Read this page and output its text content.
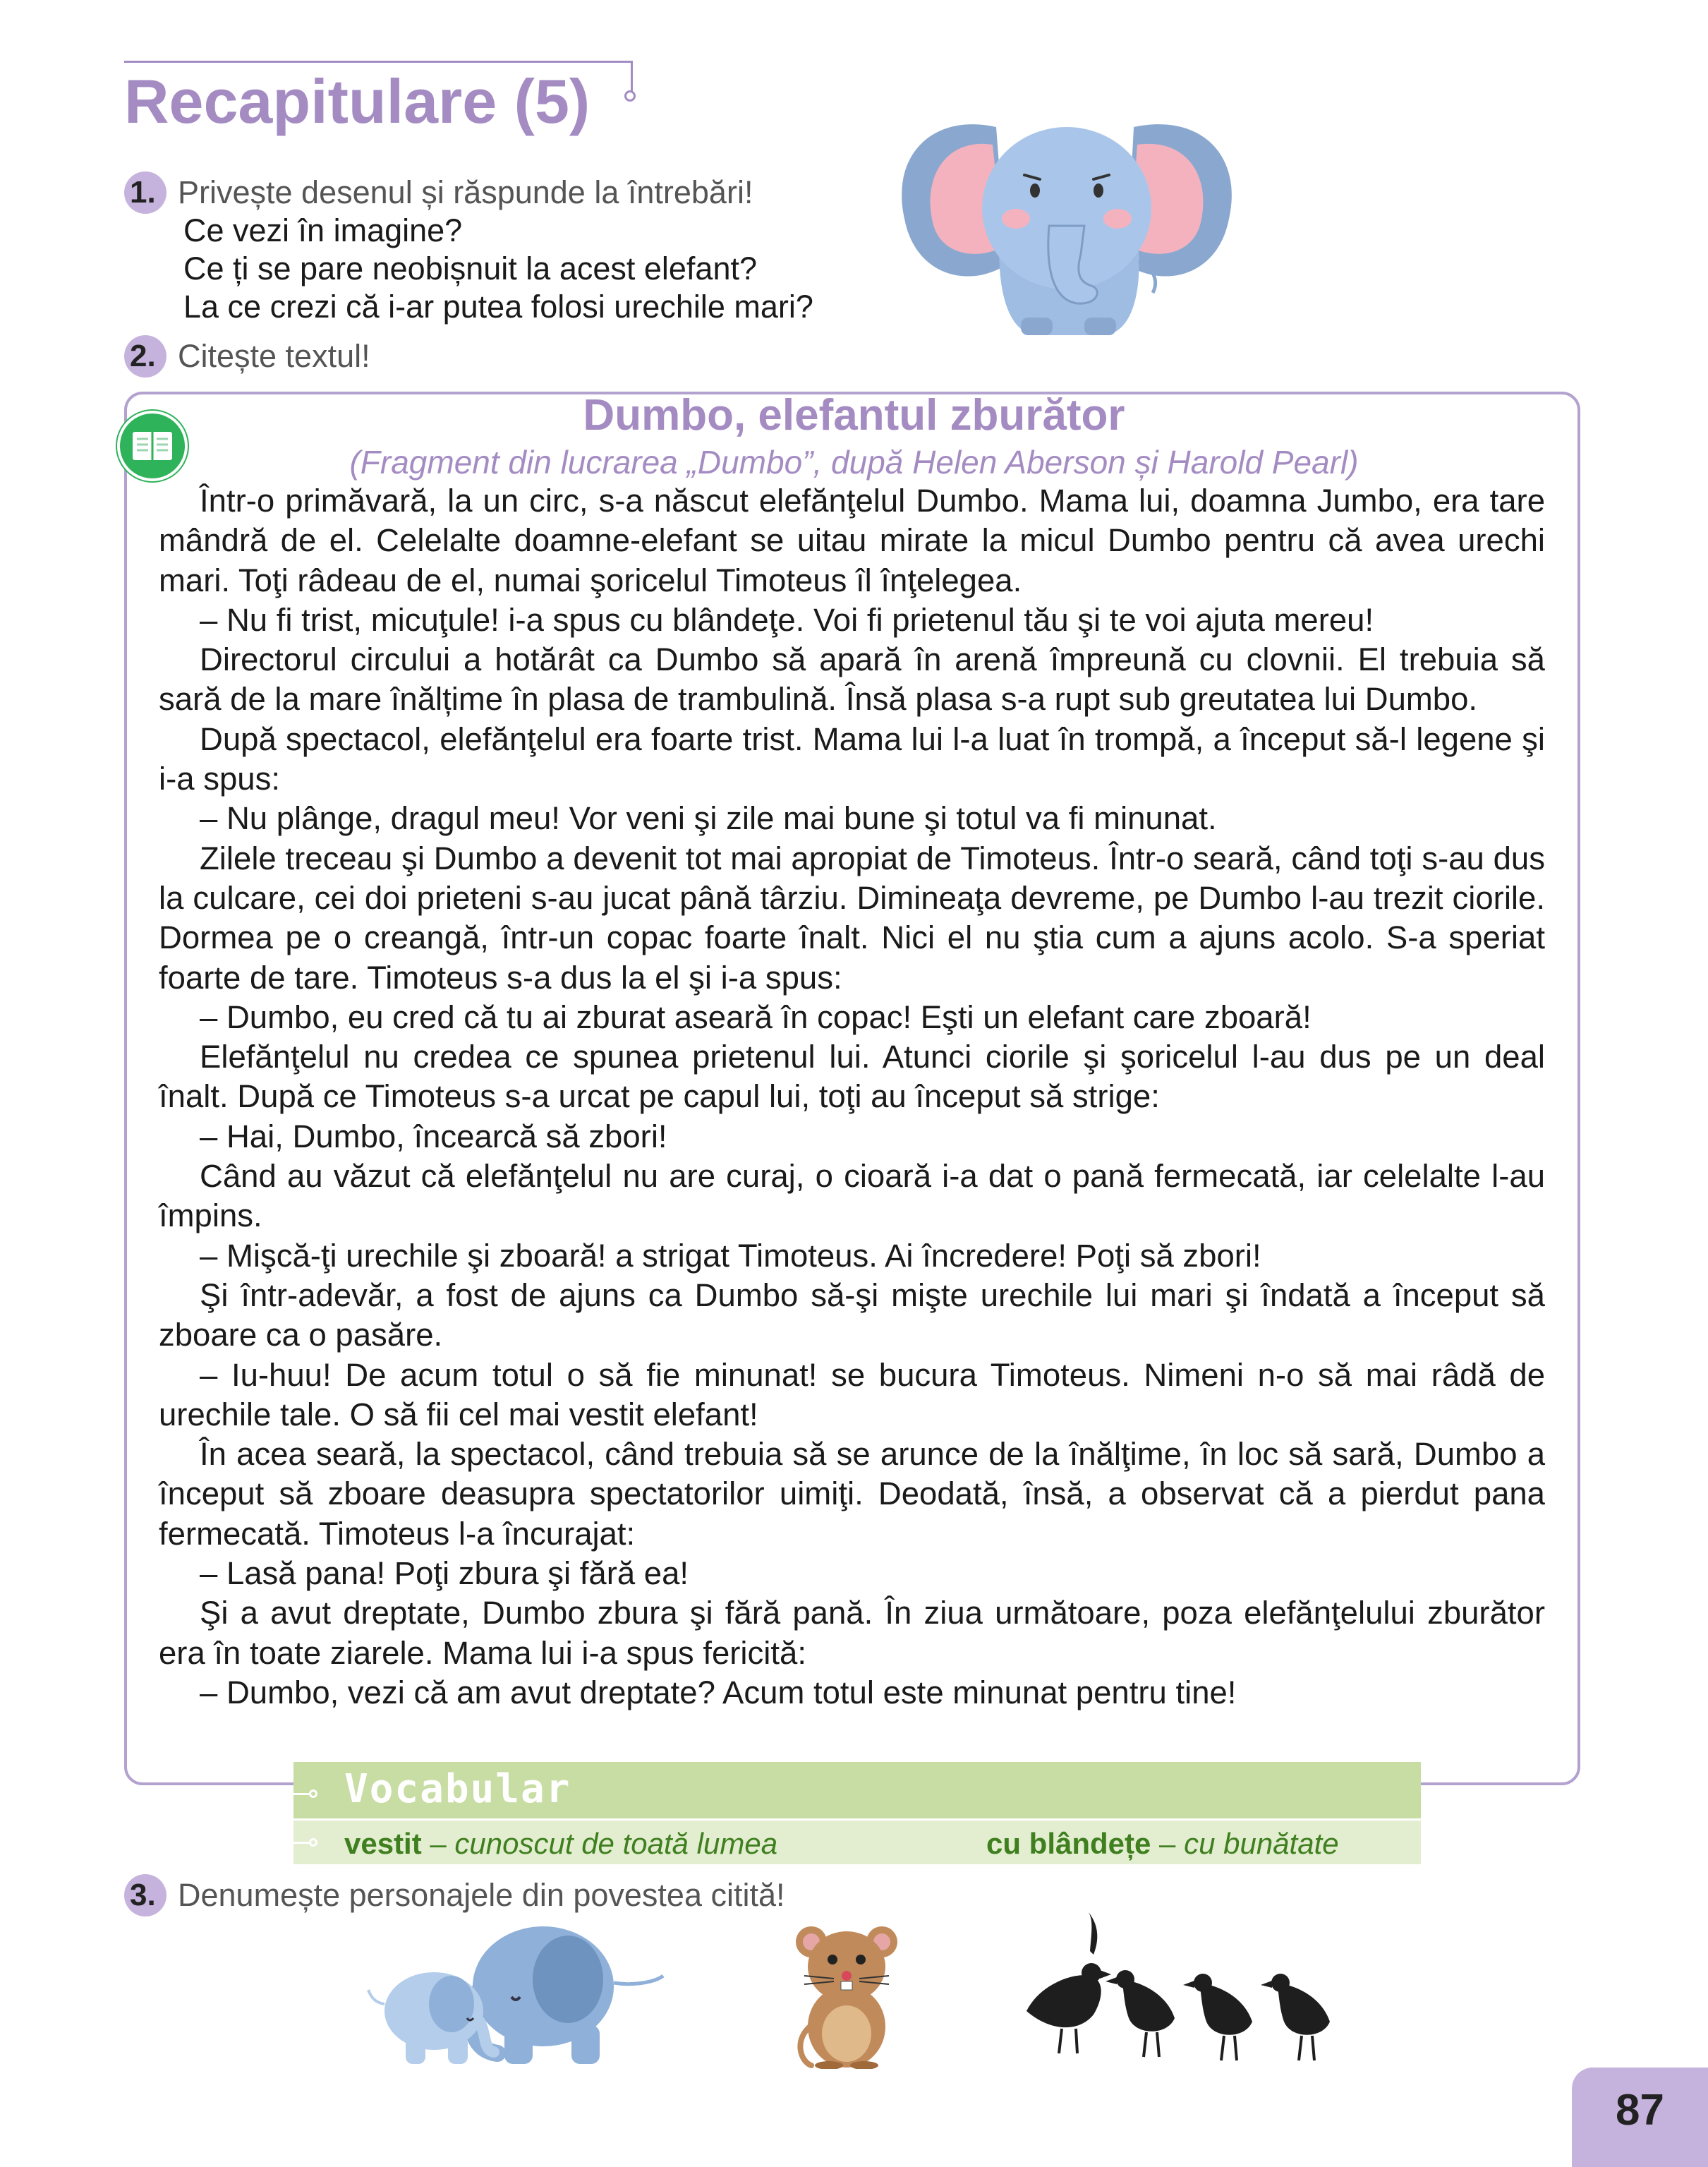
Recapitulare (5)
1. Privește desenul și răspunde la întrebări!
Ce vezi în imagine?
Ce ți se pare neobișnuit la acest elefant?
La ce crezi că i-ar putea folosi urechile mari?
2. Citește textul!
Dumbo, elefantul zburător
(Fragment din lucrarea „Dumbo”, după Helen Aberson și Harold Pearl)

Într-o primăvară, la un circ, s-a născut elefănţelul Dumbo. Mama lui, doamna Jumbo, era tare mândră de el. Celelalte doamne-elefant se uitau mirate la micul Dumbo pentru că avea urechi mari. Toţi râdeau de el, numai şoricelul Timoteus îl înţelegea.

– Nu fi trist, micuţule! i-a spus cu blândeţe. Voi fi prietenul tău şi te voi ajuta mereu!

Directorul circului a hotărât ca Dumbo să apară în arenă împreună cu clovnii. El trebuia să sară de la mare înălțime în plasa de trambulină. Însă plasa s-a rupt sub greutatea lui Dumbo.

După spectacol, elefănţelul era foarte trist. Mama lui l-a luat în trompă, a început să-l legene şi i-a spus:

– Nu plânge, dragul meu! Vor veni şi zile mai bune şi totul va fi minunat.

Zilele treceau şi Dumbo a devenit tot mai apropiat de Timoteus. Într-o seară, când toţi s-au dus la culcare, cei doi prieteni s-au jucat până târziu. Dimineaţa devreme, pe Dumbo l-au trezit ciorile. Dormea pe o creangă, într-un copac foarte înalt. Nici el nu ştia cum a ajuns acolo. S-a speriat foarte de tare. Timoteus s-a dus la el şi i-a spus:

– Dumbo, eu cred că tu ai zburat aseară în copac! Eşti un elefant care zboară!

Elefănţelul nu credea ce spunea prietenul lui. Atunci ciorile şi şoricelul l-au dus pe un deal înalt. După ce Timoteus s-a urcat pe capul lui, toţi au început să strige:

– Hai, Dumbo, încearcă să zbori!

Când au văzut că elefănţelul nu are curaj, o cioară i-a dat o pană fermecată, iar celelalte l-au împins.

– Mişcă-ţi urechile şi zboară! a strigat Timoteus. Ai încredere! Poţi să zbori!

Şi într-adevăr, a fost de ajuns ca Dumbo să-şi mişte urechile lui mari şi îndată a început să zboare ca o pasăre.

– Iu-huu! De acum totul o să fie minunat! se bucura Timoteus. Nimeni n-o să mai râdă de urechile tale. O să fii cel mai vestit elefant!

În acea seară, la spectacol, când trebuia să se arunce de la înălţime, în loc să sară, Dumbo a început să zboare deasupra spectatorilor uimiţi. Deodată, însă, a observat că a pierdut pana fermecată. Timoteus l-a încurajat:

– Lasă pana! Poţi zbura şi fără ea!

Şi a avut dreptate, Dumbo zbura şi fără pană. În ziua următoare, poza elefănţelului zburător era în toate ziarele. Mama lui i-a spus fericită:

– Dumbo, vezi că am avut dreptate? Acum totul este minunat pentru tine!

Vocabular
vestit – cunoscut de toată lumea	cu blândețe – cu bunătate
3. Denumește personajele din povestea citită!
87
